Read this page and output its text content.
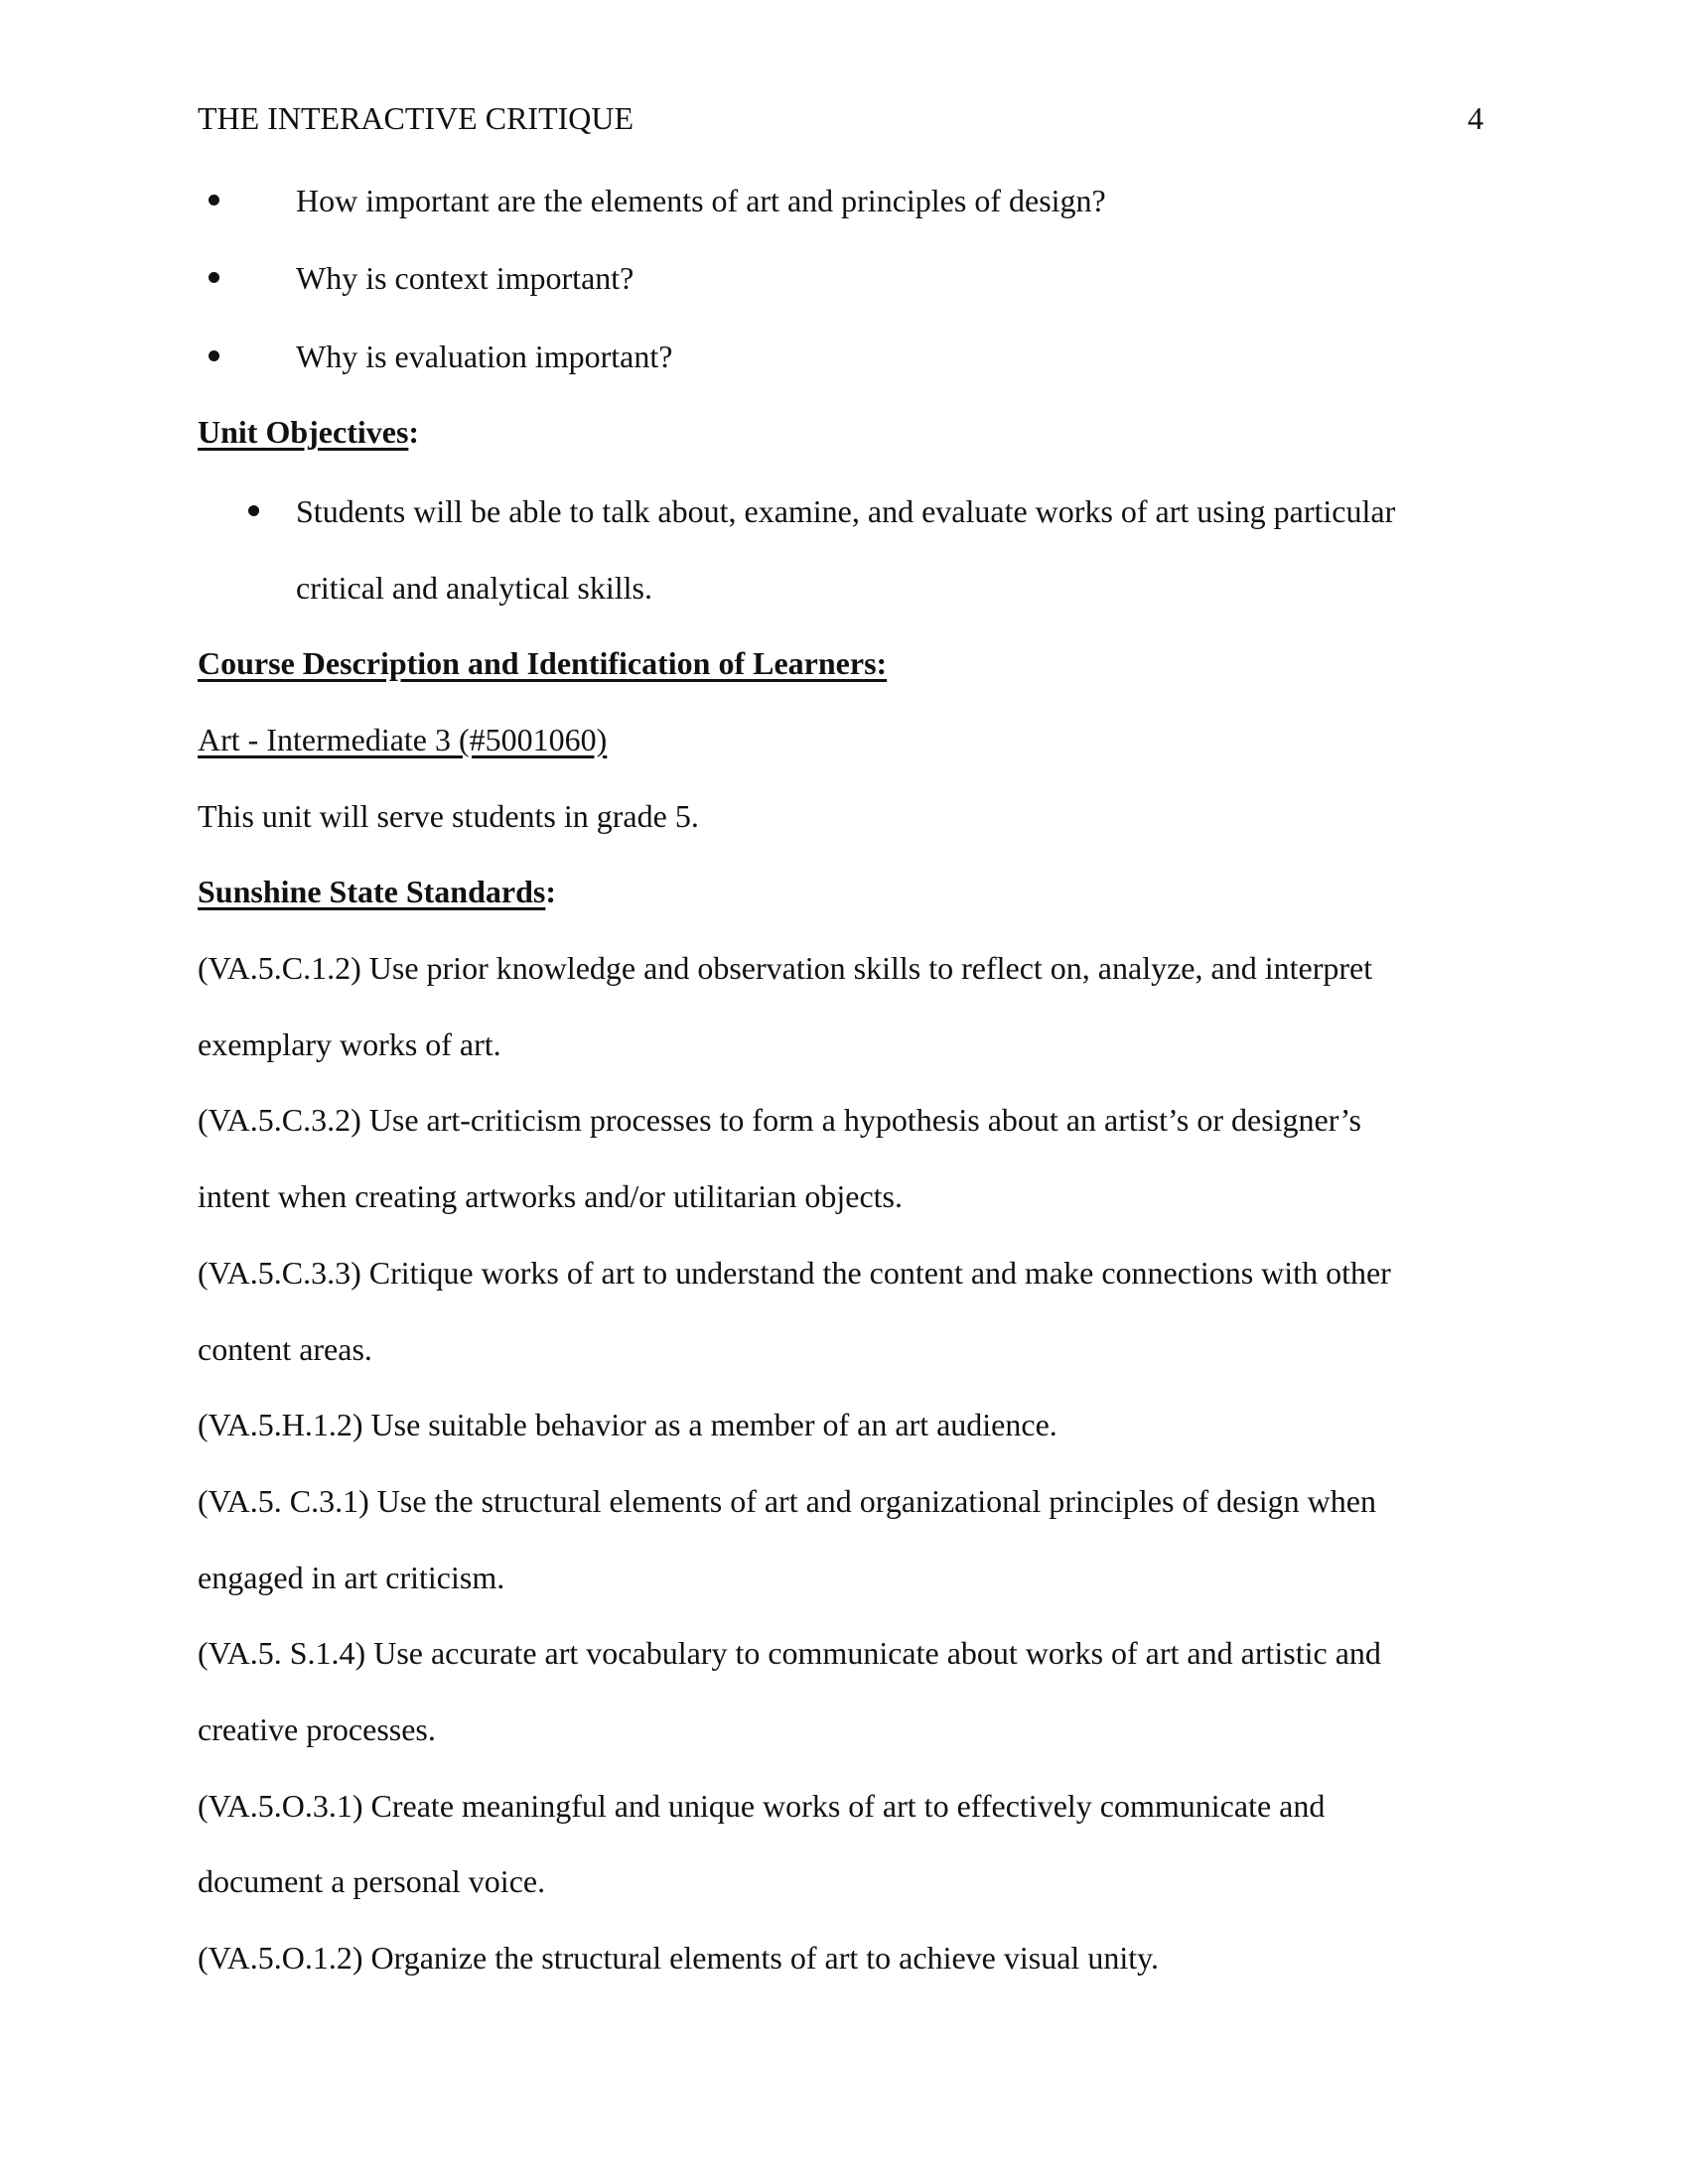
THE INTERACTIVE CRITIQUE	4
How important are the elements of art and principles of design?
Why is context important?
Why is evaluation important?
Unit Objectives:
Students will be able to talk about, examine, and evaluate works of art using particular
critical and analytical skills.
Course Description and Identification of Learners:
Art - Intermediate 3 (#5001060)
This unit will serve students in grade 5.
Sunshine State Standards:
(VA.5.C.1.2) Use prior knowledge and observation skills to reflect on, analyze, and interpret
exemplary works of art.
(VA.5.C.3.2) Use art-criticism processes to form a hypothesis about an artist’s or designer’s
intent when creating artworks and/or utilitarian objects.
(VA.5.C.3.3) Critique works of art to understand the content and make connections with other
content areas.
(VA.5.H.1.2) Use suitable behavior as a member of an art audience.
(VA.5. C.3.1) Use the structural elements of art and organizational principles of design when
engaged in art criticism.
(VA.5. S.1.4) Use accurate art vocabulary to communicate about works of art and artistic and
creative processes.
(VA.5.O.3.1) Create meaningful and unique works of art to effectively communicate and
document a personal voice.
(VA.5.O.1.2) Organize the structural elements of art to achieve visual unity.
